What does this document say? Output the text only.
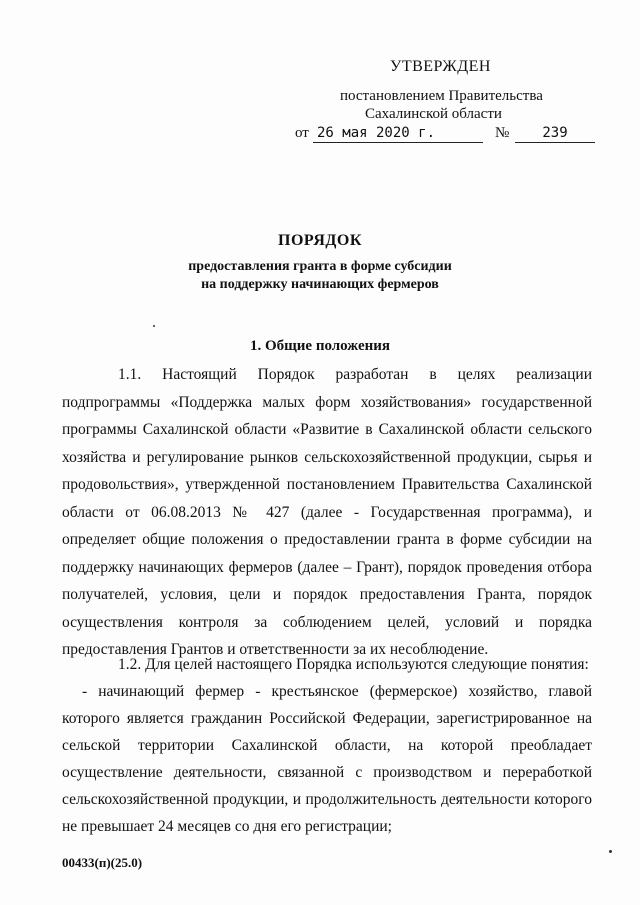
УТВЕРЖДЕН
постановлением Правительства
Сахалинской области
от 26 мая 2020 г.	№	239
ПОРЯДОК
предоставления гранта в форме субсидии
на поддержку начинающих фермеров
1. Общие положения

1.1. Настоящий Порядок разработан в целях реализации подпрограммы «Поддержка малых форм хозяйствования» государственной программы Сахалинской области «Развитие в Сахалинской области сельского хозяйства и регулирование рынков сельскохозяйственной продукции, сырья и продовольствия», утвержденной постановлением Правительства Сахалинской области от 06.08.2013 № 427 (далее - Государственная программа), и определяет общие положения о предоставлении гранта в форме субсидии на поддержку начинающих фермеров (далее – Грант), порядок проведения отбора получателей, условия, цели и порядок предоставления Гранта, порядок осуществления контроля за соблюдением целей, условий и порядка предоставления Грантов и ответственности за их несоблюдение.

1.2. Для целей настоящего Порядка используются следующие понятия:

- начинающий фермер - крестьянское (фермерское) хозяйство, главой которого является гражданин Российской Федерации, зарегистрированное на сельской территории Сахалинской области, на которой преобладает осуществление деятельности, связанной с производством и переработкой сельскохозяйственной продукции, и продолжительность деятельности которого не превышает 24 месяцев со дня его регистрации;

00433(п)(25.0)
